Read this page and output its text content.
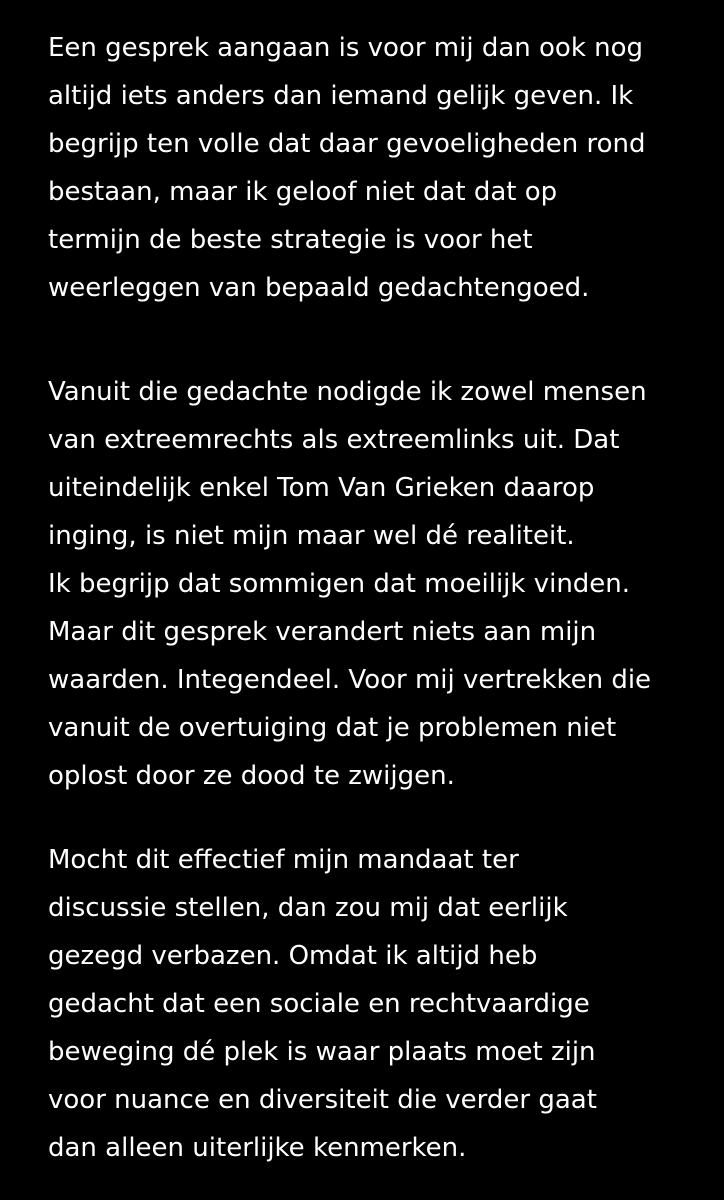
Een gesprek aangaan is voor mij dan ook nog
altijd iets anders dan iemand gelijk geven. Ik
begrijp ten volle dat daar gevoeligheden rond
bestaan, maar ik geloof niet dat dat op
termijn de beste strategie is voor het
weerleggen van bepaald gedachtengoed.
Vanuit die gedachte nodigde ik zowel mensen
van extreemrechts als extreemlinks uit. Dat
uiteindelijk enkel Tom Van Grieken daarop
inging, is niet mijn maar wel dé realiteit.
Ik begrijp dat sommigen dat moeilijk vinden.
Maar dit gesprek verandert niets aan mijn
waarden. Integendeel. Voor mij vertrekken die
vanuit de overtuiging dat je problemen niet
oplost door ze dood te zwijgen.
Mocht dit effectief mijn mandaat ter
discussie stellen, dan zou mij dat eerlijk
gezegd verbazen. Omdat ik altijd heb
gedacht dat een sociale en rechtvaardige
beweging dé plek is waar plaats moet zijn
voor nuance en diversiteit die verder gaat
dan alleen uiterlijke kenmerken.
